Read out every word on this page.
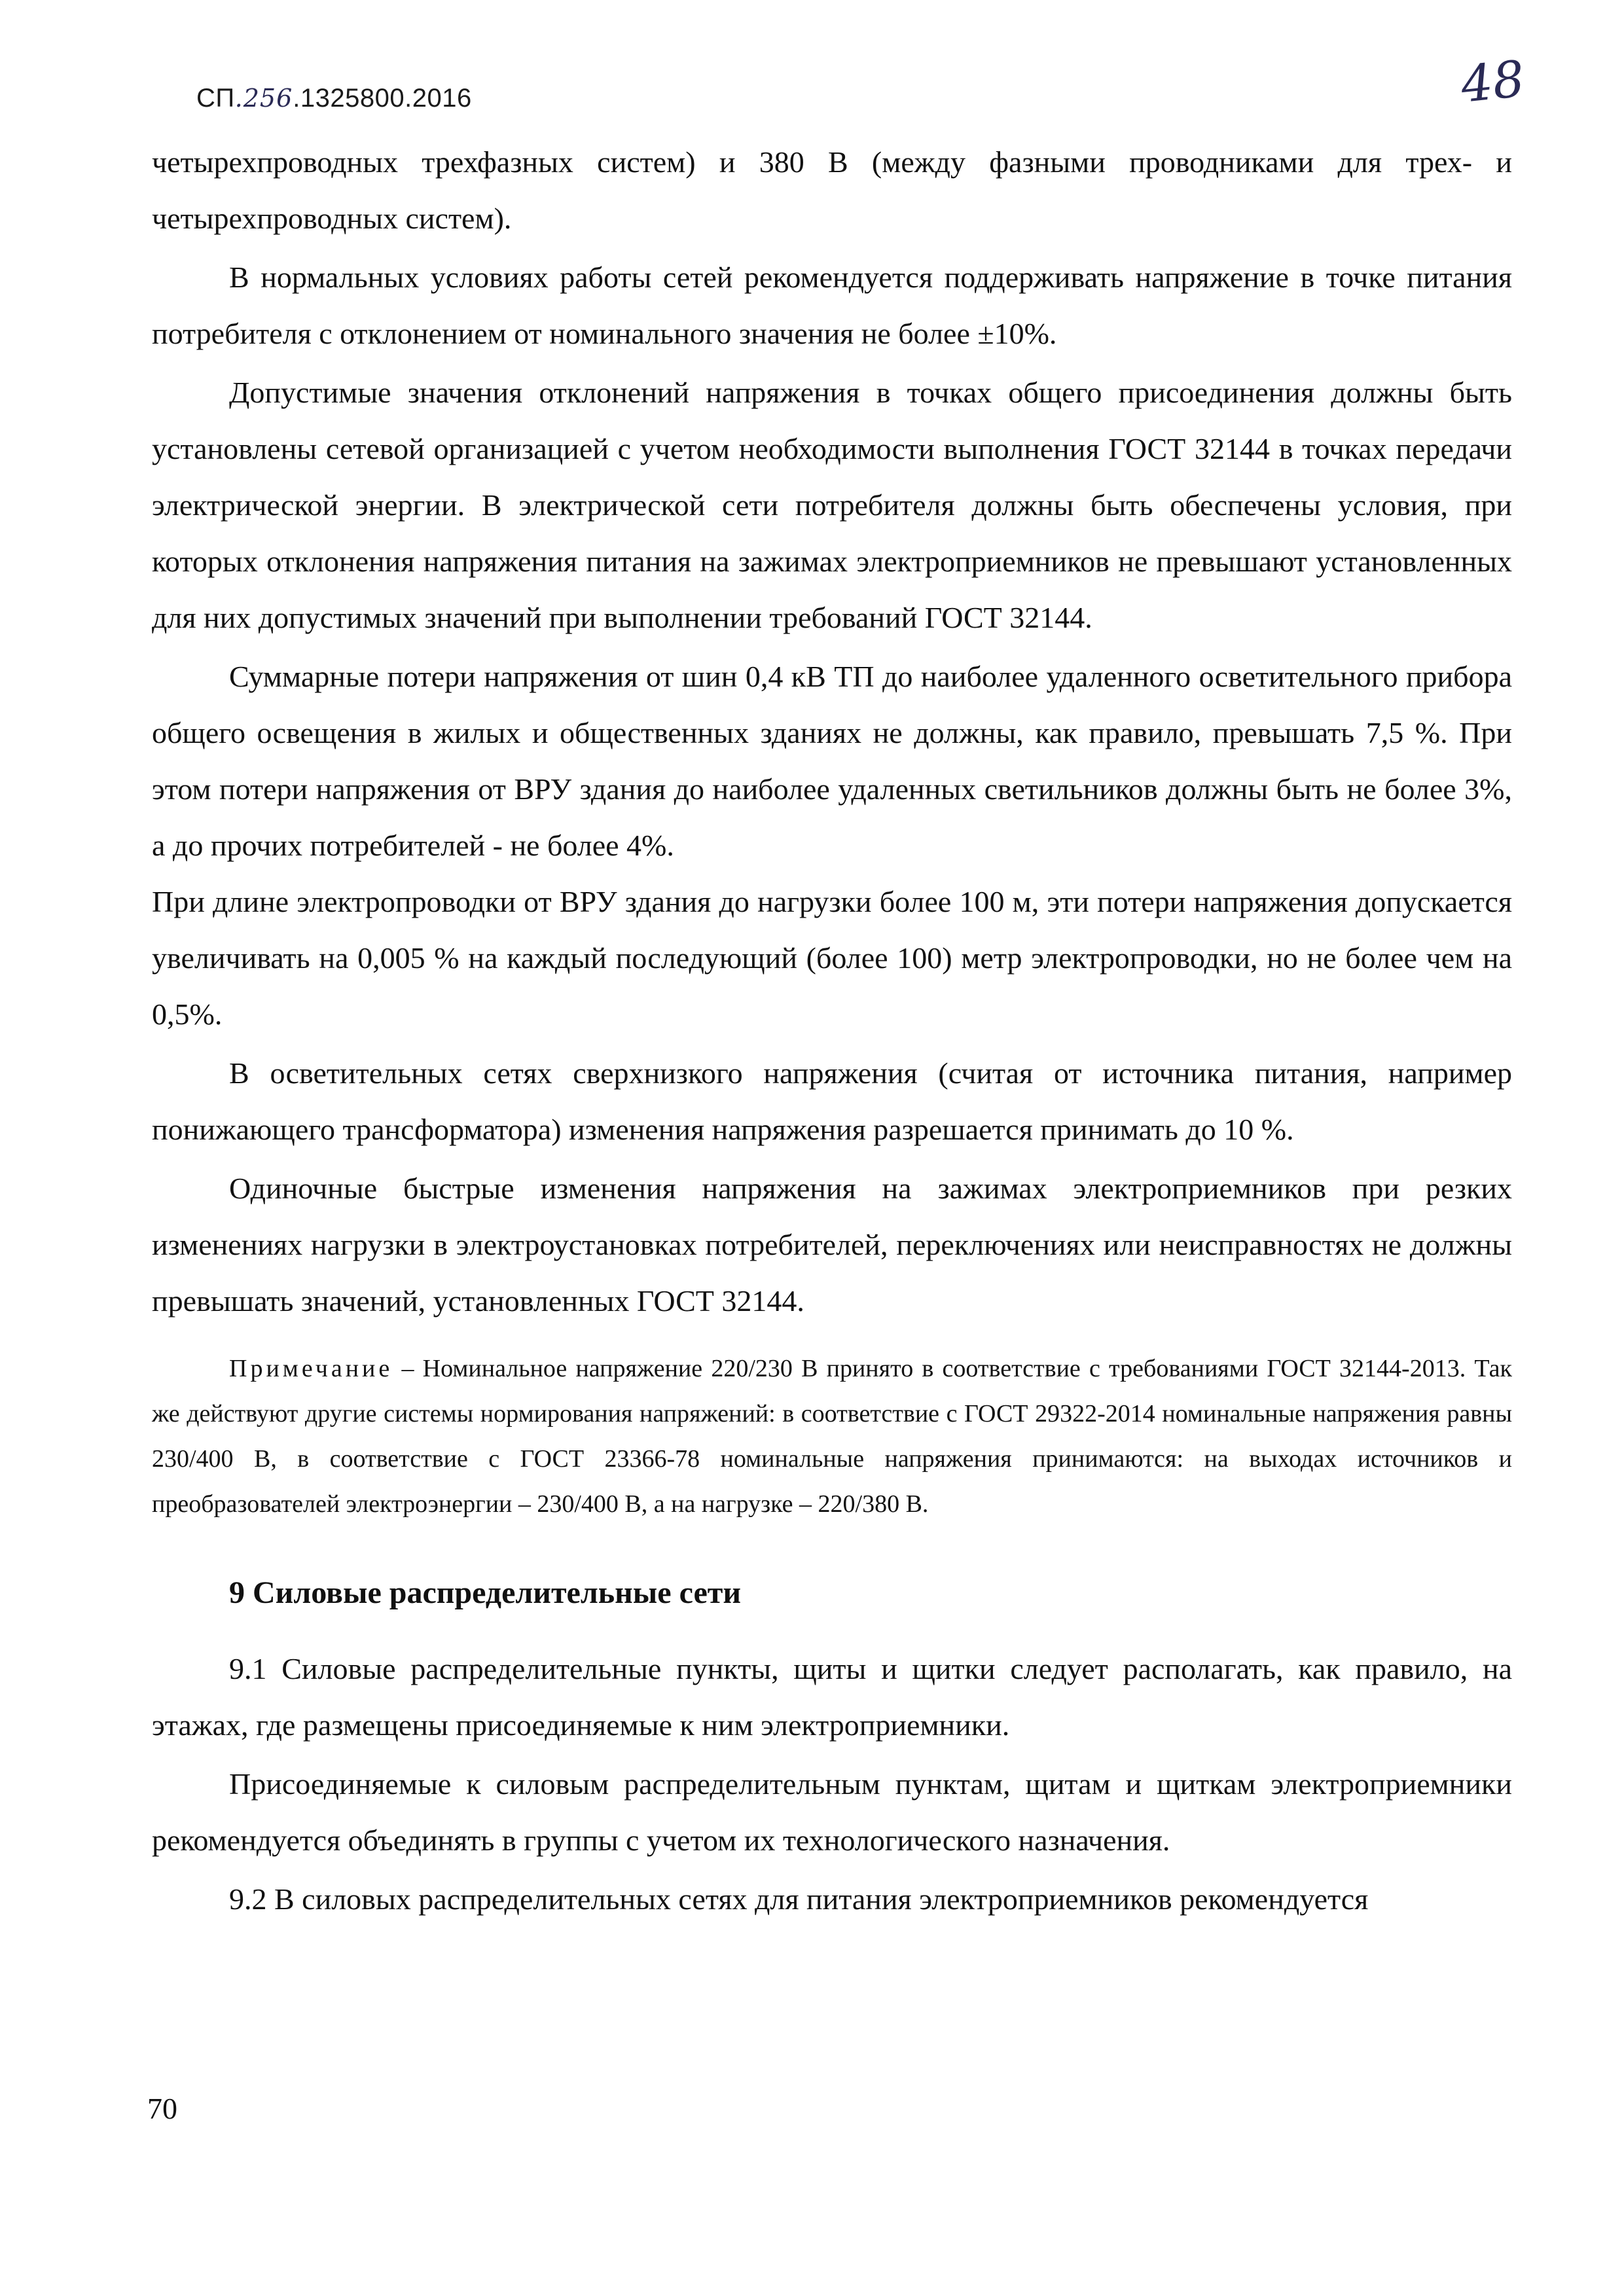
СП.256.1325800.2016	48

четырехпроводных трехфазных систем) и 380 В (между фазными проводниками для трех- и четырехпроводных систем).

В нормальных условиях работы сетей рекомендуется поддерживать напряжение в точке питания потребителя с отклонением от номинального значения не более ±10%.

Допустимые значения отклонений напряжения в точках общего присоединения должны быть установлены сетевой организацией с учетом необходимости выполнения ГОСТ 32144 в точках передачи электрической энергии. В электрической сети потребителя должны быть обеспечены условия, при которых отклонения напряжения питания на зажимах электроприемников не превышают установленных для них допустимых значений при выполнении требований ГОСТ 32144.

Суммарные потери напряжения от шин 0,4 кВ ТП до наиболее удаленного осветительного прибора общего освещения в жилых и общественных зданиях не должны, как правило, превышать 7,5 %. При этом потери напряжения от ВРУ здания до наиболее удаленных светильников должны быть не более 3%, а до прочих потребителей - не более 4%.

При длине электропроводки от ВРУ здания до нагрузки более 100 м, эти потери напряжения допускается увеличивать на 0,005 % на каждый последующий (более 100) метр электропроводки, но не более чем на 0,5%.

В осветительных сетях сверхнизкого напряжения (считая от источника питания, например понижающего трансформатора) изменения напряжения разрешается принимать до 10 %.

Одиночные быстрые изменения напряжения на зажимах электроприемников при резких изменениях нагрузки в электроустановках потребителей, переключениях или неисправностях не должны превышать значений, установленных ГОСТ 32144.

Примечание – Номинальное напряжение 220/230 В принято в соответствие с требованиями ГОСТ 32144-2013. Так же действуют другие системы нормирования напряжений: в соответствие с ГОСТ 29322-2014 номинальные напряжения равны 230/400 В, в соответствие с ГОСТ 23366-78 номинальные напряжения принимаются: на выходах источников и преобразователей электроэнергии – 230/400 В, а на нагрузке – 220/380 В.
9 Силовые распределительные сети

9.1 Силовые распределительные пункты, щиты и щитки следует располагать, как правило, на этажах, где размещены присоединяемые к ним электроприемники.

Присоединяемые к силовым распределительным пунктам, щитам и щиткам электроприемники рекомендуется объединять в группы с учетом их технологического назначения.

9.2 В силовых распределительных сетях для питания электроприемников рекомендуется

70
